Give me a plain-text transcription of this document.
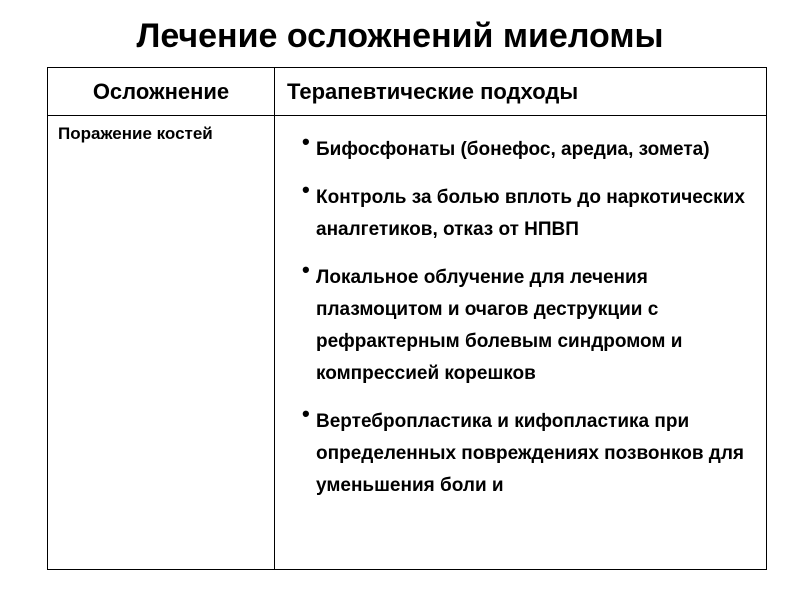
Лечение осложнений миеломы
Осложнение	Терапевтические подходы
Поражение костей	• Бифосфонаты (бонефос, аредиа, зомета)
• Контроль за болью вплоть до наркотических аналгетиков, отказ от НПВП
• Локальное облучение для лечения плазмоцитом и очагов деструкции с рефрактерным болевым синдромом и компрессией корешков
• Вертебропластика и кифопластика при определенных повреждениях позвонков для уменьшения боли и
